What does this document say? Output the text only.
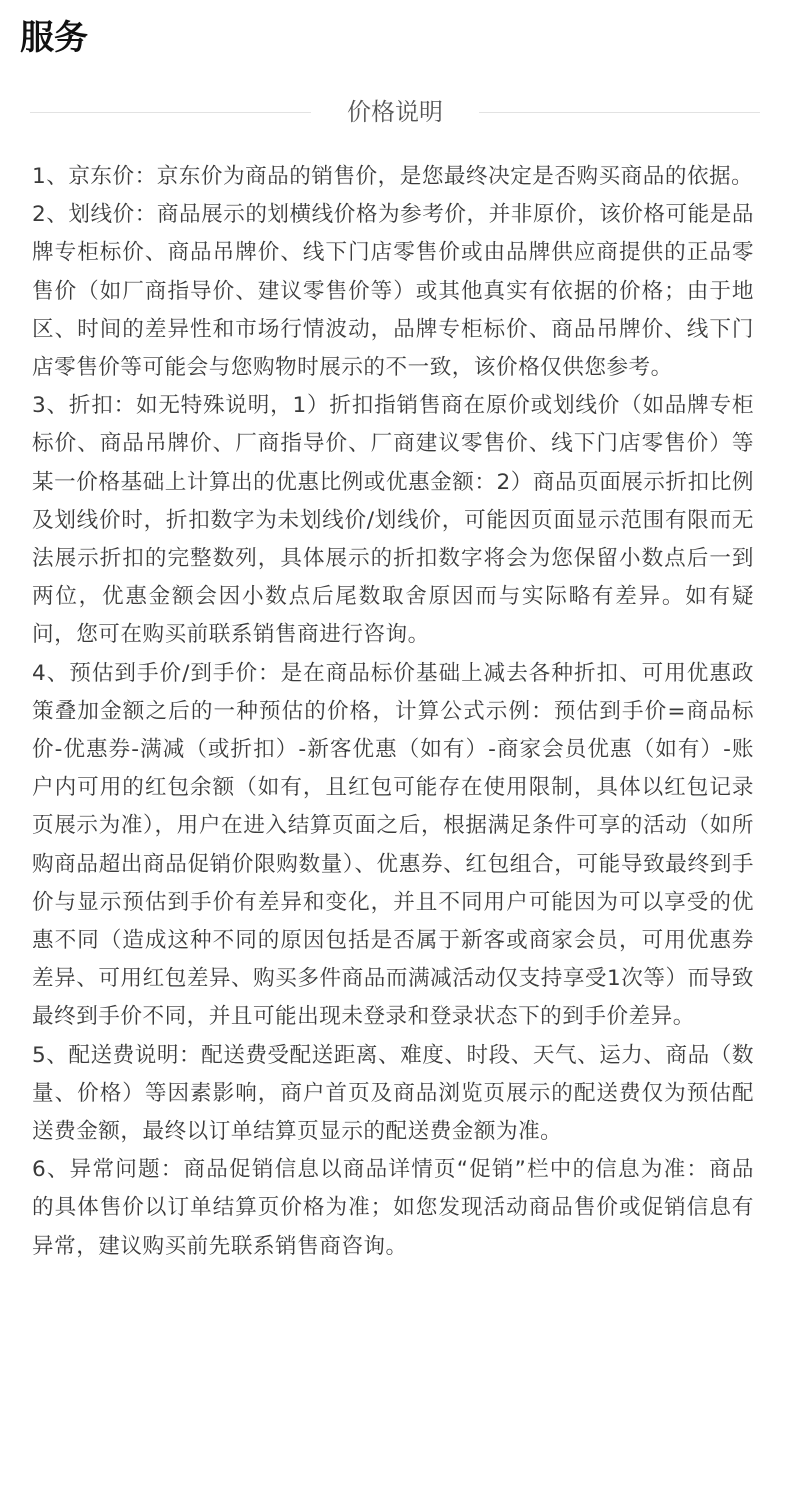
服务
价格说明

1、京东价：京东价为商品的销售价，是您最终决定是否购买商品的依据。

2、划线价：商品展示的划横线价格为参考价，并非原价，该价格可能是品牌专柜标价、商品吊牌价、线下门店零售价或由品牌供应商提供的正品零售价（如厂商指导价、建议零售价等）或其他真实有依据的价格；由于地区、时间的差异性和市场行情波动，品牌专柜标价、商品吊牌价、线下门店零售价等可能会与您购物时展示的不一致，该价格仅供您参考。

3、折扣：如无特殊说明，1）折扣指销售商在原价或划线价（如品牌专柜标价、商品吊牌价、厂商指导价、厂商建议零售价、线下门店零售价）等某一价格基础上计算出的优惠比例或优惠金额：2）商品页面展示折扣比例及划线价时，折扣数字为未划线价/划线价，可能因页面显示范围有限而无法展示折扣的完整数列，具体展示的折扣数字将会为您保留小数点后一到两位，优惠金额会因小数点后尾数取舍原因而与实际略有差异。如有疑问，您可在购买前联系销售商进行咨询。

4、预估到手价/到手价：是在商品标价基础上减去各种折扣、可用优惠政策叠加金额之后的一种预估的价格，计算公式示例：预估到手价=商品标价-优惠券-满减（或折扣）-新客优惠（如有）-商家会员优惠（如有）-账户内可用的红包余额（如有，且红包可能存在使用限制，具体以红包记录页展示为准），用户在进入结算页面之后，根据满足条件可享的活动（如所购商品超出商品促销价限购数量）、优惠券、红包组合，可能导致最终到手价与显示预估到手价有差异和变化，并且不同用户可能因为可以享受的优惠不同（造成这种不同的原因包括是否属于新客或商家会员，可用优惠券差异、可用红包差异、购买多件商品而满减活动仅支持享受1次等）而导致最终到手价不同，并且可能出现未登录和登录状态下的到手价差异。

5、配送费说明：配送费受配送距离、难度、时段、天气、运力、商品（数量、价格）等因素影响，商户首页及商品浏览页展示的配送费仅为预估配送费金额，最终以订单结算页显示的配送费金额为准。

6、异常问题：商品促销信息以商品详情页“促销”栏中的信息为准：商品的具体售价以订单结算页价格为准；如您发现活动商品售价或促销信息有异常，建议购买前先联系销售商咨询。
